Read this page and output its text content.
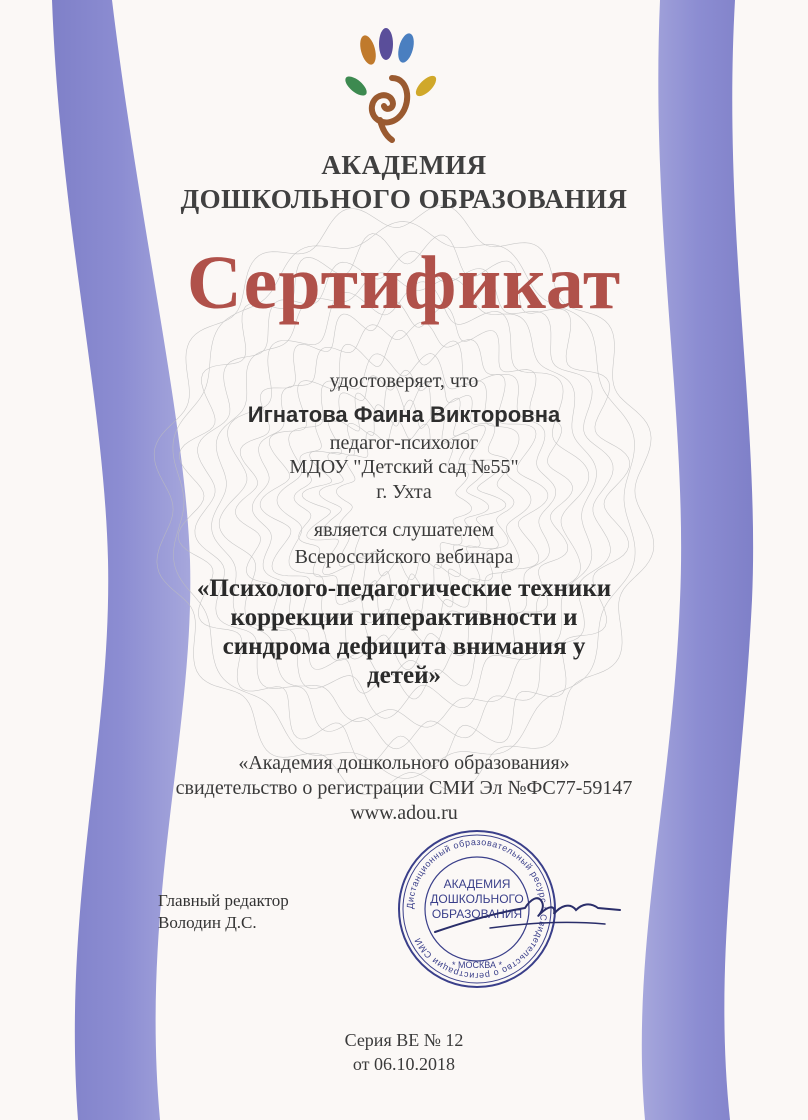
АКАДЕМИЯ
ДОШКОЛЬНОГО ОБРАЗОВАНИЯ
Сертификат
удостоверяет, что
Игнатова Фаина Викторовна
педагог-психолог
МДОУ "Детский сад №55"
г. Ухта
является слушателем
Всероссийского вебинара
«Психолого-педагогические техники
коррекции гиперактивности и
синдрома дефицита внимания у
детей»
«Академия дошкольного образования»
свидетельство о регистрации СМИ Эл №ФС77-59147
www.adou.ru
Главный редактор
Володин Д.С.
Дистанционный образовательный ресурс * Свидетельство о регистрации СМИ
АКАДЕМИЯ
ДОШКОЛЬНОГО
ОБРАЗОВАНИЯ
* МОСКВА *
Серия ВЕ № 12
от 06.10.2018
